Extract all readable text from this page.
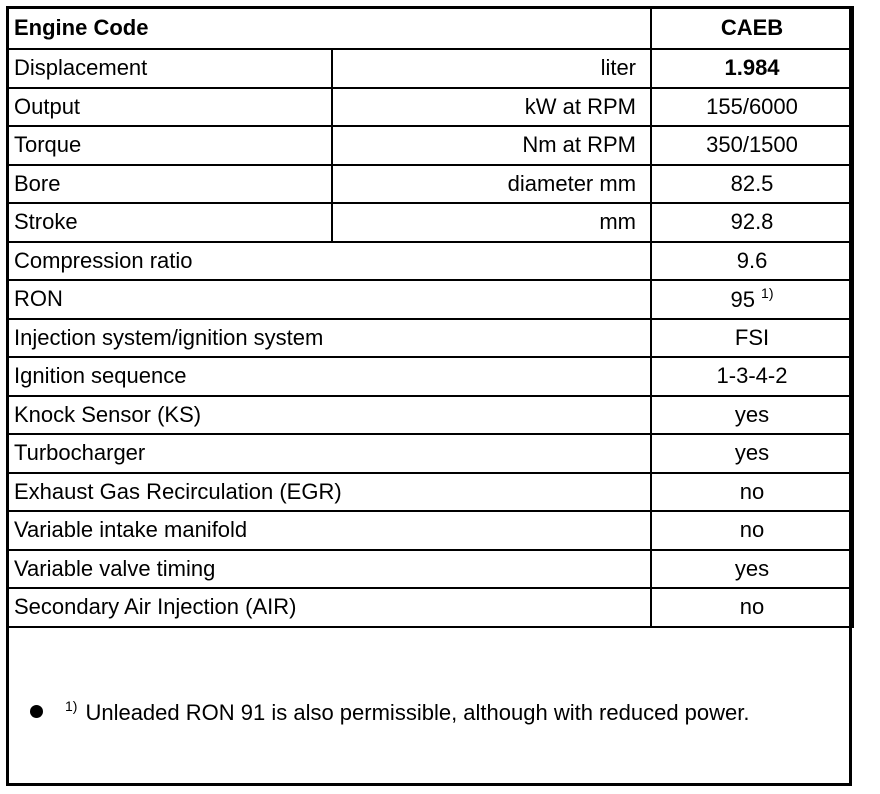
Engine Code		CAEB
Displacement	liter	1.984
Output	kW at RPM	155/6000
Torque	Nm at RPM	350/1500
Bore	diameter mm	82.5
Stroke	mm	92.8
Compression ratio		9.6
RON		95 $^{1)}$
Injection system/ignition system		FSI
Ignition sequence		1-3-4-2
Knock Sensor (KS)		yes
Turbocharger		yes
Exhaust Gas Recirculation (EGR)		no
Variable intake manifold		no
Variable valve timing		yes
Secondary Air Injection (AIR)		no
$^{1)}$ Unleaded RON 91 is also permissible, although with reduced power.
